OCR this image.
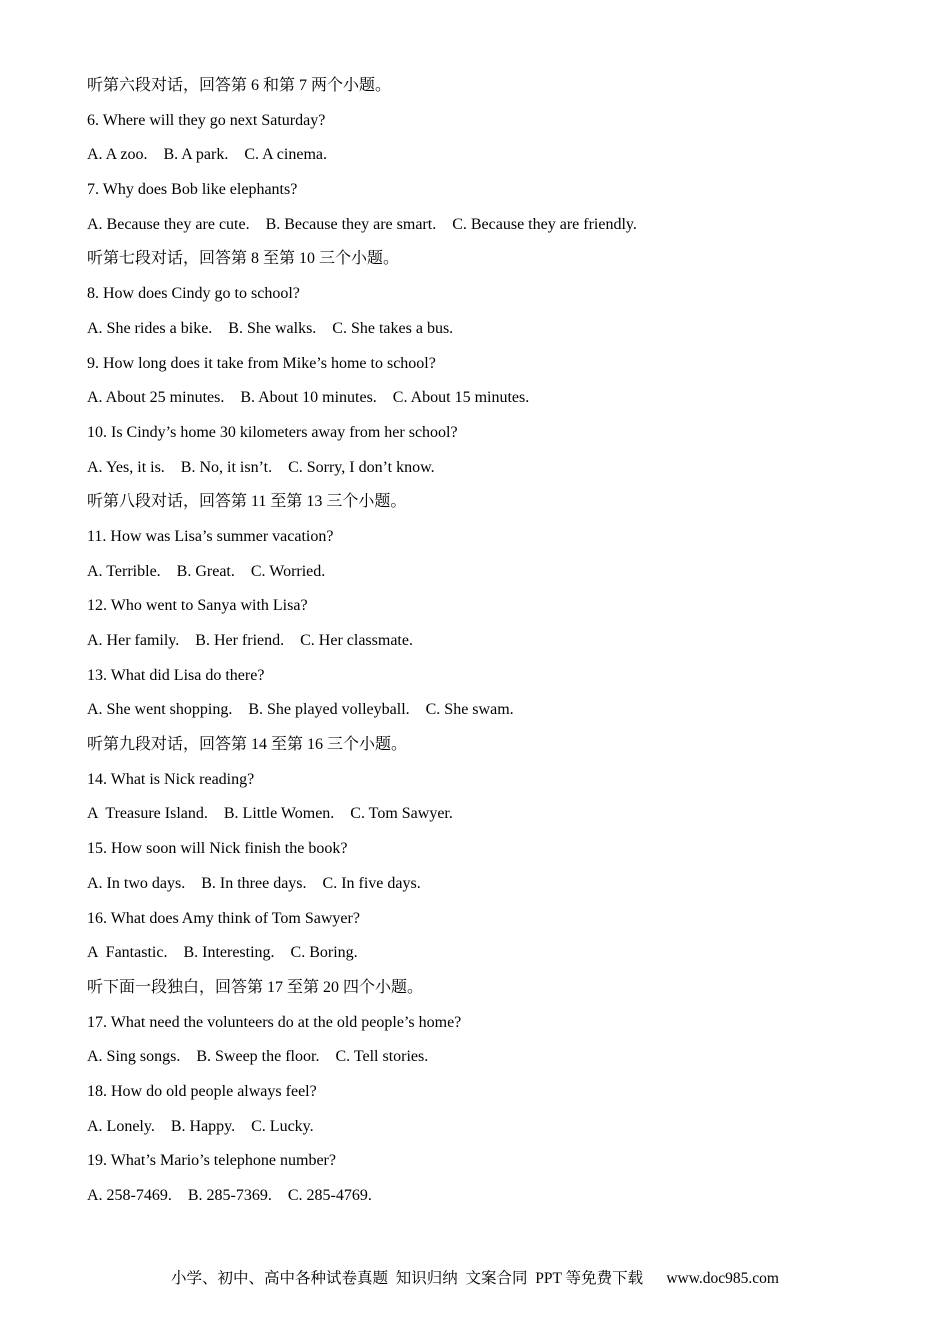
听第六段对话，回答第 6 和第 7 两个小题。
6. Where will they go next Saturday?
A. A zoo.    B. A park.    C. A cinema.
7. Why does Bob like elephants?
A. Because they are cute.    B. Because they are smart.    C. Because they are friendly.
听第七段对话，回答第 8 至第 10 三个小题。
8. How does Cindy go to school?
A. She rides a bike.    B. She walks.    C. She takes a bus.
9. How long does it take from Mike’s home to school?
A. About 25 minutes.    B. About 10 minutes.    C. About 15 minutes.
10. Is Cindy’s home 30 kilometers away from her school?
A. Yes, it is.    B. No, it isn’t.    C. Sorry, I don’t know.
听第八段对话，回答第 11 至第 13 三个小题。
11. How was Lisa’s summer vacation?
A. Terrible.    B. Great.    C. Worried.
12. Who went to Sanya with Lisa?
A. Her family.    B. Her friend.    C. Her classmate.
13. What did Lisa do there?
A. She went shopping.    B. She played volleyball.    C. She swam.
听第九段对话，回答第 14 至第 16 三个小题。
14. What is Nick reading?
A  Treasure Island.    B. Little Women.    C. Tom Sawyer.
15. How soon will Nick finish the book?
A. In two days.    B. In three days.    C. In five days.
16. What does Amy think of Tom Sawyer?
A  Fantastic.    B. Interesting.    C. Boring.
听下面一段独白，回答第 17 至第 20 四个小题。
17. What need the volunteers do at the old people’s home?
A. Sing songs.    B. Sweep the floor.    C. Tell stories.
18. How do old people always feel?
A. Lonely.    B. Happy.    C. Lucky.
19. What’s Mario’s telephone number?
A. 258-7469.    B. 285-7369.    C. 285-4769.
小学、初中、高中各种试卷真题  知识归纳  文案合同  PPT 等免费下载      www.doc985.com
